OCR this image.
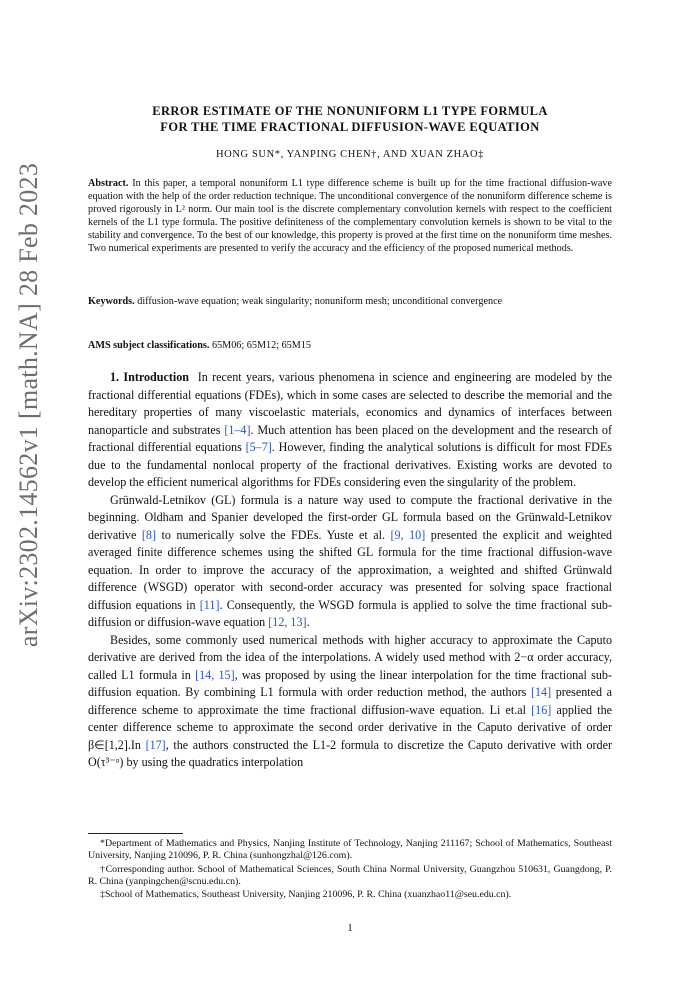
arXiv:2302.14562v1 [math.NA] 28 Feb 2023
ERROR ESTIMATE OF THE NONUNIFORM L1 TYPE FORMULA
FOR THE TIME FRACTIONAL DIFFUSION-WAVE EQUATION
HONG SUN*, YANPING CHEN†, AND XUAN ZHAO‡
Abstract. In this paper, a temporal nonuniform L1 type difference scheme is built up for the time fractional diffusion-wave equation with the help of the order reduction technique. The unconditional convergence of the nonuniform difference scheme is proved rigorously in L² norm. Our main tool is the discrete complementary convolution kernels with respect to the coefficient kernels of the L1 type formula. The positive definiteness of the complementary convolution kernels is shown to be vital to the stability and convergence. To the best of our knowledge, this property is proved at the first time on the nonuniform time meshes. Two numerical experiments are presented to verify the accuracy and the efficiency of the proposed numerical methods.
Keywords. diffusion-wave equation; weak singularity; nonuniform mesh; unconditional convergence
AMS subject classifications. 65M06; 65M12; 65M15

1. Introduction In recent years, various phenomena in science and engineering are modeled by the fractional differential equations (FDEs), which in some cases are selected to describe the memorial and the hereditary properties of many viscoelastic materials, economics and dynamics of interfaces between nanoparticle and substrates [1–4]. Much attention has been placed on the development and the research of fractional differential equations [5–7]. However, finding the analytical solutions is difficult for most FDEs due to the fundamental nonlocal property of the fractional derivatives. Existing works are devoted to develop the efficient numerical algorithms for FDEs considering even the singularity of the problem.

Grünwald-Letnikov (GL) formula is a nature way used to compute the fractional derivative in the beginning. Oldham and Spanier developed the first-order GL formula based on the Grünwald-Letnikov derivative [8] to numerically solve the FDEs. Yuste et al. [9, 10] presented the explicit and weighted averaged finite difference schemes using the shifted GL formula for the time fractional diffusion-wave equation. In order to improve the accuracy of the approximation, a weighted and shifted Grünwald difference (WSGD) operator with second-order accuracy was presented for solving space fractional diffusion equations in [11]. Consequently, the WSGD formula is applied to solve the time fractional sub-diffusion or diffusion-wave equation [12, 13].

Besides, some commonly used numerical methods with higher accuracy to approximate the Caputo derivative are derived from the idea of the interpolations. A widely used method with 2−α order accuracy, called L1 formula in [14, 15], was proposed by using the linear interpolation for the time fractional sub-diffusion equation. By combining L1 formula with order reduction method, the authors [14] presented a difference scheme to approximate the time fractional diffusion-wave equation. Li et.al [16] applied the center difference scheme to approximate the second order derivative in the Caputo derivative of order β∈[1,2].In [17], the authors constructed the L1-2 formula to discretize the Caputo derivative with order O(τ³⁻ᵅ) by using the quadratics interpolation

*Department of Mathematics and Physics, Nanjing Institute of Technology, Nanjing 211167; School of Mathematics, Southeast University, Nanjing 210096, P. R. China (sunhongzhal@126.com).

†Corresponding author. School of Mathematical Sciences, South China Normal University, Guangzhou 510631, Guangdong, P. R. China (yanpingchen@scnu.edu.cn).

‡School of Mathematics, Southeast University, Nanjing 210096, P. R. China (xuanzhao11@seu.edu.cn).

1
